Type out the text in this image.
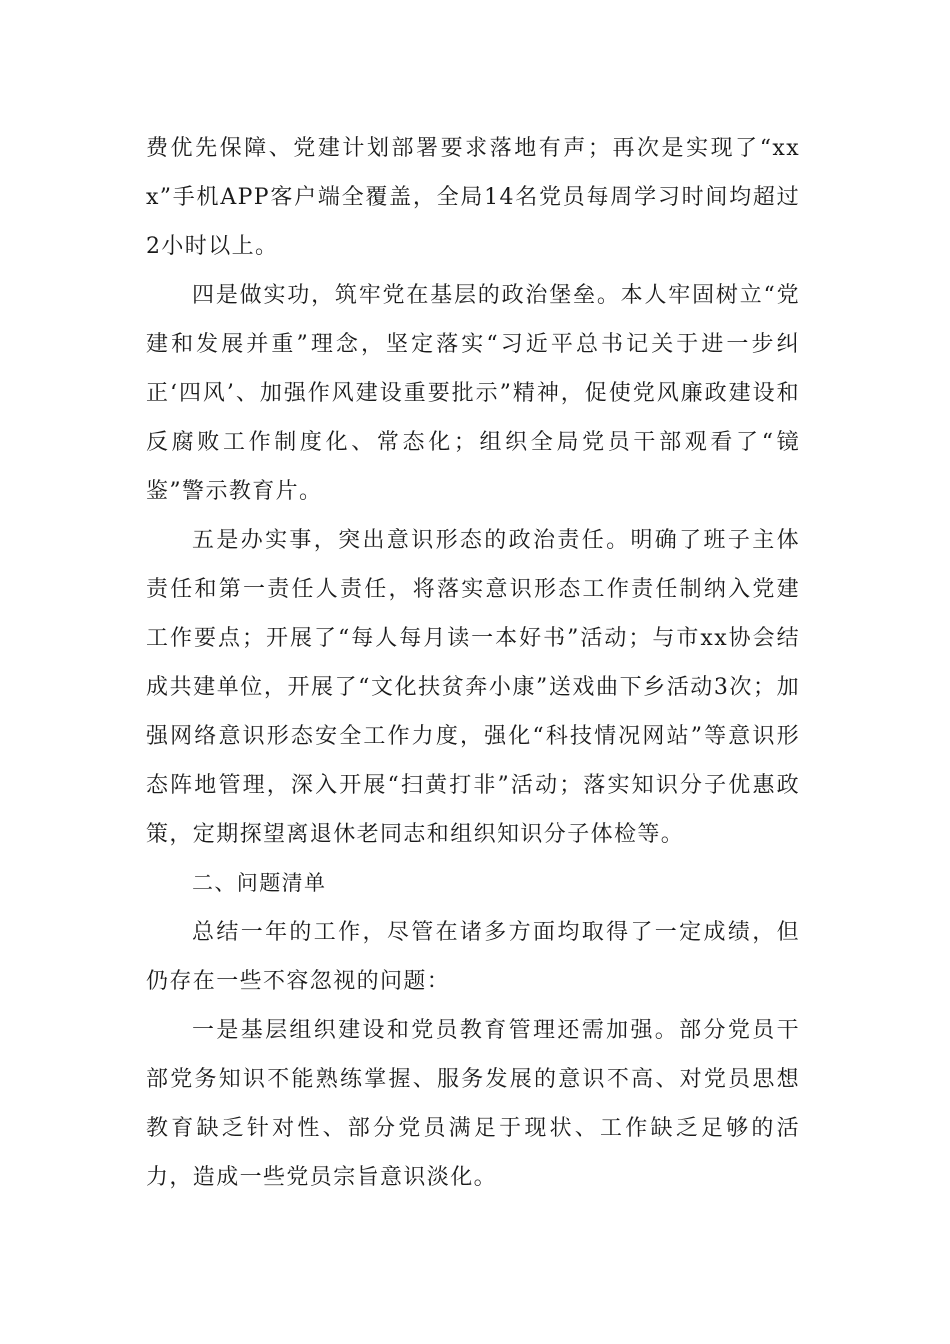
费优先保障、党建计划部署要求落地有声；再次是实现了“xxx”手机APP客户端全覆盖，全局14名党员每周学习时间均超过2小时以上。

四是做实功，筑牢党在基层的政治堡垒。本人牢固树立“党建和发展并重”理念，坚定落实“习近平总书记关于进一步纠正‘四风’、加强作风建设重要批示”精神，促使党风廉政建设和反腐败工作制度化、常态化；组织全局党员干部观看了“镜鉴”警示教育片。

五是办实事，突出意识形态的政治责任。明确了班子主体责任和第一责任人责任，将落实意识形态工作责任制纳入党建工作要点；开展了“每人每月读一本好书”活动；与市xx协会结成共建单位，开展了“文化扶贫奔小康”送戏曲下乡活动3次；加强网络意识形态安全工作力度，强化“科技情况网站”等意识形态阵地管理，深入开展“扫黄打非”活动；落实知识分子优惠政策，定期探望离退休老同志和组织知识分子体检等。

二、问题清单

总结一年的工作，尽管在诸多方面均取得了一定成绩，但仍存在一些不容忽视的问题：

一是基层组织建设和党员教育管理还需加强。部分党员干部党务知识不能熟练掌握、服务发展的意识不高、对党员思想教育缺乏针对性、部分党员满足于现状、工作缺乏足够的活力，造成一些党员宗旨意识淡化。
